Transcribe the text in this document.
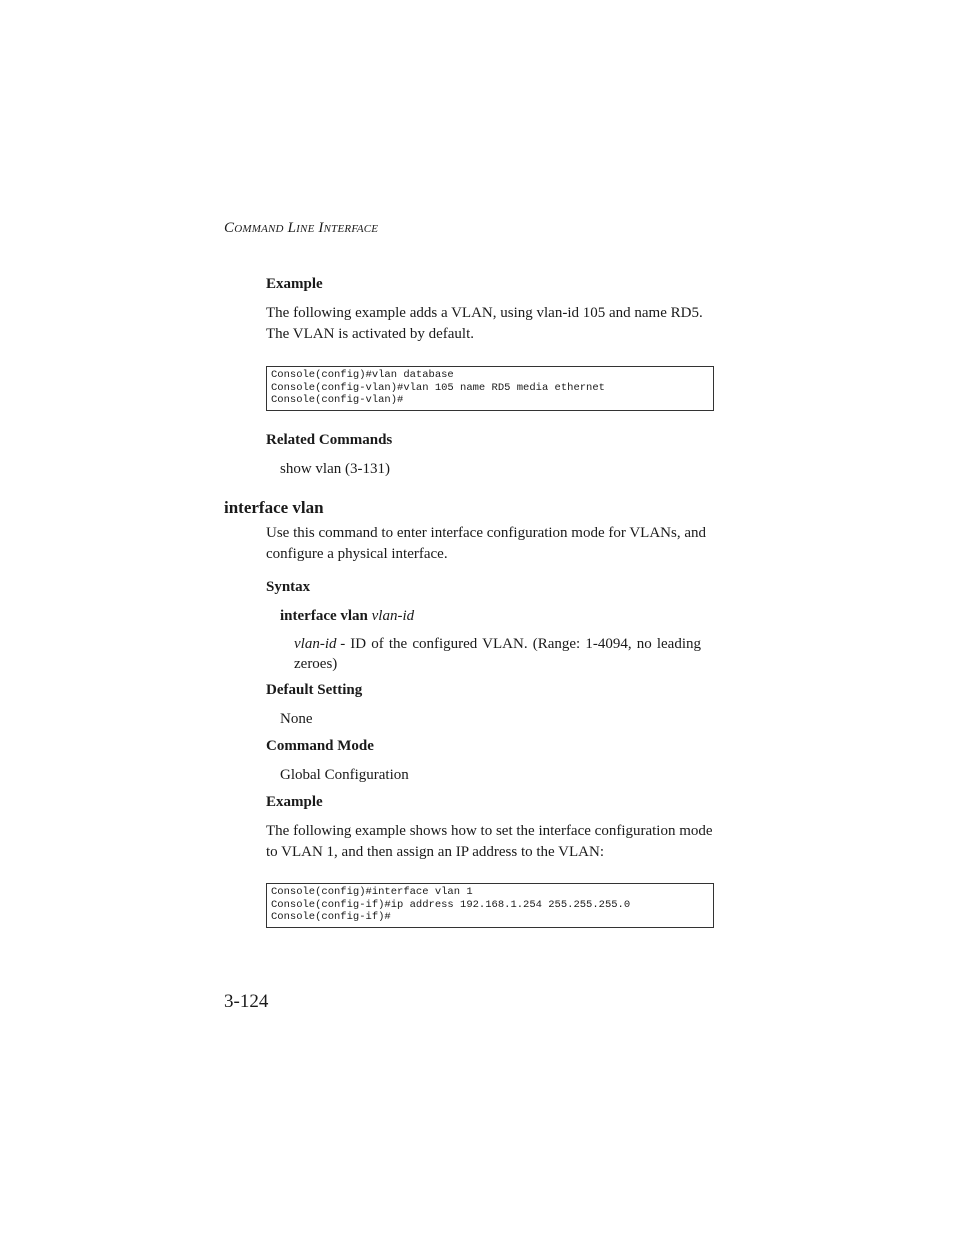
Command Line Interface
Example
The following example adds a VLAN, using vlan-id 105 and name RD5.
The VLAN is activated by default.
Console(config)#vlan database
Console(config-vlan)#vlan 105 name RD5 media ethernet
Console(config-vlan)#
Related Commands
show vlan (3-131)
interface vlan
Use this command to enter interface configuration mode for VLANs, and
configure a physical interface.
Syntax
interface vlan vlan-id
vlan-id - ID of the configured VLAN. (Range: 1-4094, no leading
zeroes)
Default Setting
None
Command Mode
Global Configuration
Example
The following example shows how to set the interface configuration mode
to VLAN 1, and then assign an IP address to the VLAN:
Console(config)#interface vlan 1
Console(config-if)#ip address 192.168.1.254 255.255.255.0
Console(config-if)#
3-124
